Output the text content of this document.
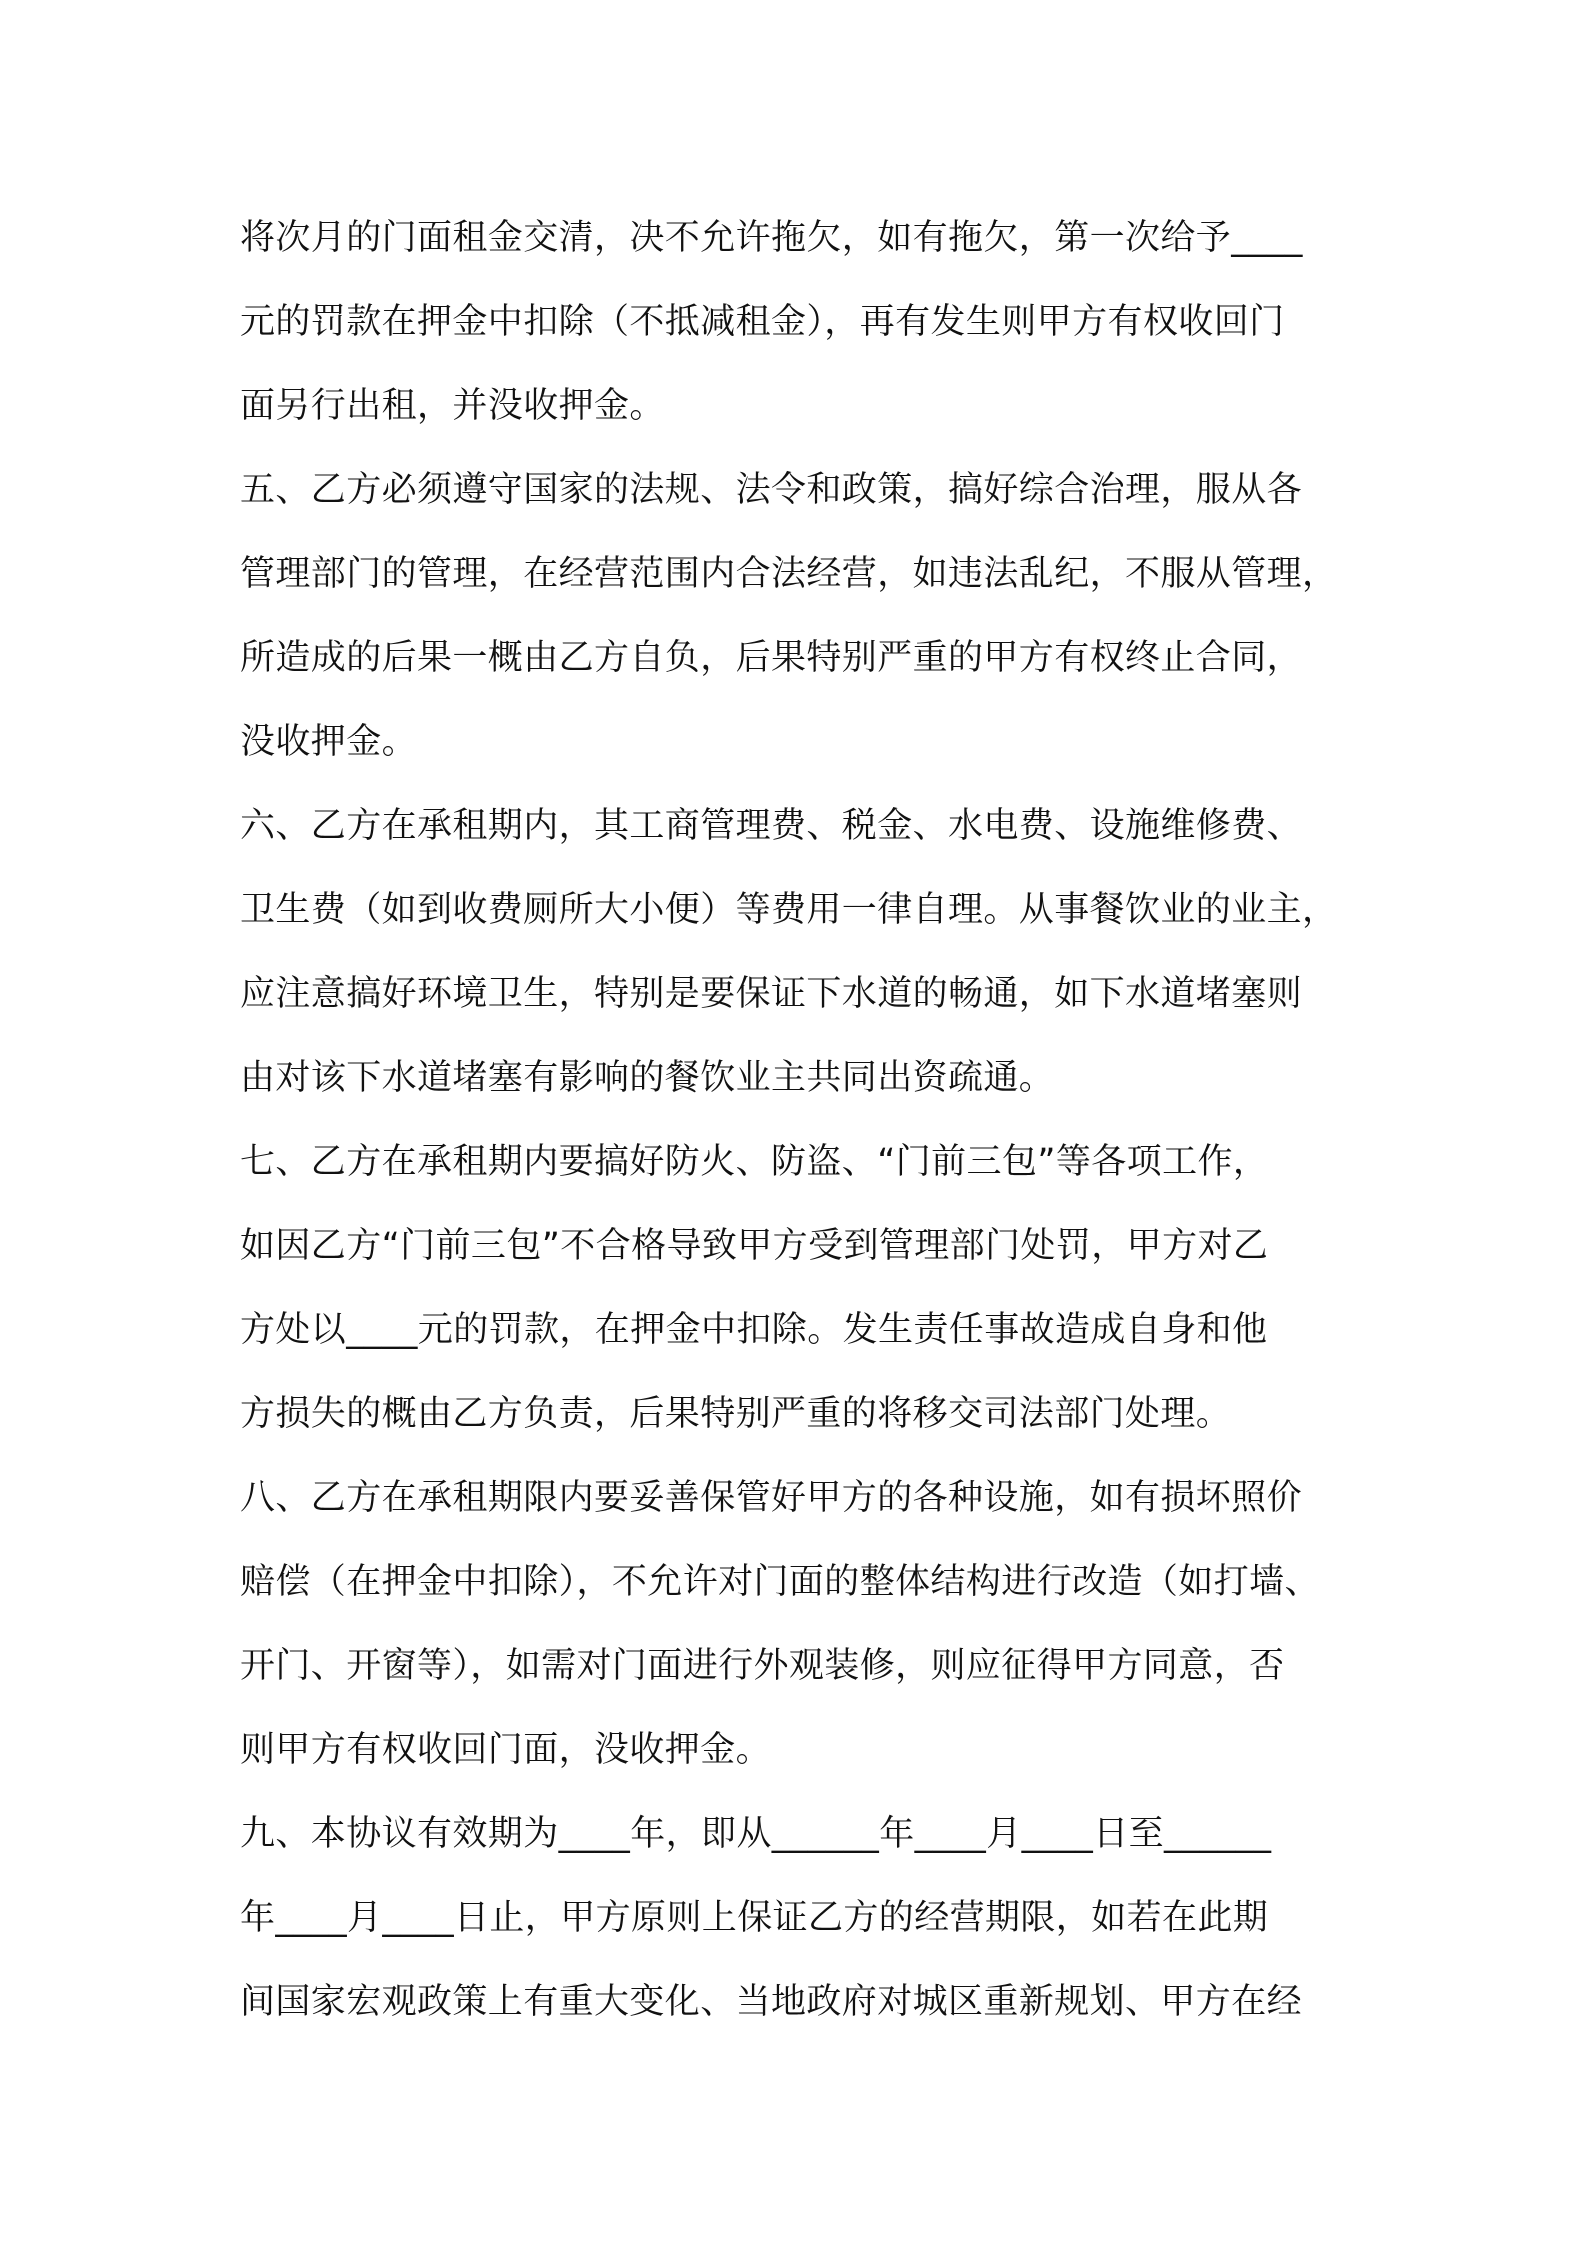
将次月的门面租金交清，决不允许拖欠，如有拖欠，第一次给予____
元的罚款在押金中扣除（不抵减租金），再有发生则甲方有权收回门
面另行出租，并没收押金。
五、乙方必须遵守国家的法规、法令和政策，搞好综合治理，服从各
管理部门的管理，在经营范围内合法经营，如违法乱纪，不服从管理，
所造成的后果一概由乙方自负，后果特别严重的甲方有权终止合同，
没收押金。
六、乙方在承租期内，其工商管理费、税金、水电费、设施维修费、
卫生费（如到收费厕所大小便）等费用一律自理。从事餐饮业的业主，
应注意搞好环境卫生，特别是要保证下水道的畅通，如下水道堵塞则
由对该下水道堵塞有影响的餐饮业主共同出资疏通。
七、乙方在承租期内要搞好防火、防盗、“门前三包”等各项工作，
如因乙方“门前三包”不合格导致甲方受到管理部门处罚，甲方对乙
方处以____元的罚款，在押金中扣除。发生责任事故造成自身和他
方损失的概由乙方负责，后果特别严重的将移交司法部门处理。
八、乙方在承租期限内要妥善保管好甲方的各种设施，如有损坏照价
赔偿（在押金中扣除），不允许对门面的整体结构进行改造（如打墙、
开门、开窗等），如需对门面进行外观装修，则应征得甲方同意，否
则甲方有权收回门面，没收押金。
九、本协议有效期为____年，即从______年____月____日至______
年____月____日止，甲方原则上保证乙方的经营期限，如若在此期
间国家宏观政策上有重大变化、当地政府对城区重新规划、甲方在经
